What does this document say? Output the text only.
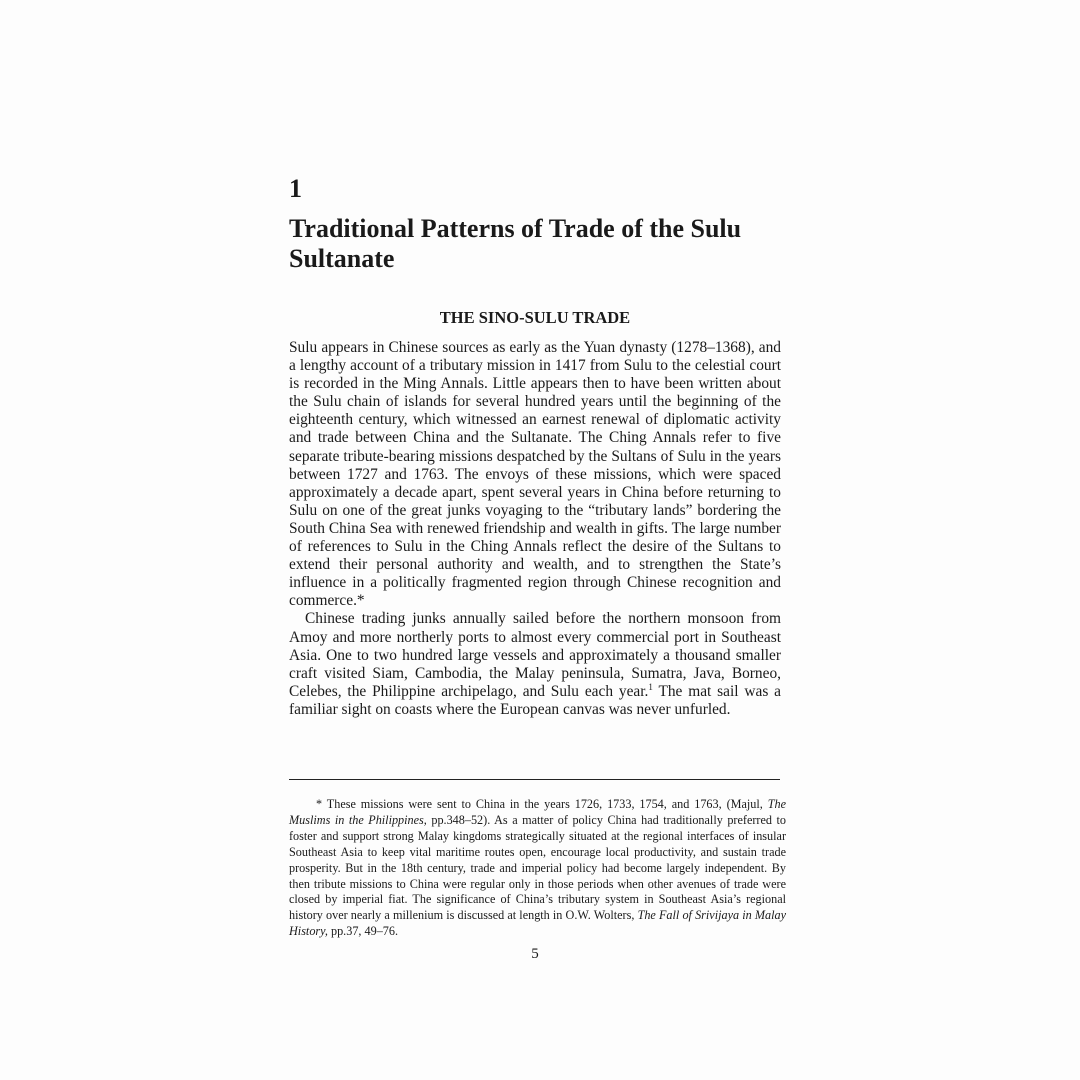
1
Traditional Patterns of Trade of the Sulu Sultanate
THE SINO-SULU TRADE

Sulu appears in Chinese sources as early as the Yuan dynasty (1278–1368), and a lengthy account of a tributary mission in 1417 from Sulu to the celestial court is recorded in the Ming Annals. Little appears then to have been written about the Sulu chain of islands for several hundred years until the beginning of the eighteenth century, which witnessed an earnest renewal of diplomatic activity and trade between China and the Sultanate. The Ching Annals refer to five separate tribute-bearing missions despatched by the Sultans of Sulu in the years between 1727 and 1763. The envoys of these missions, which were spaced approximately a decade apart, spent several years in China before returning to Sulu on one of the great junks voyaging to the “tributary lands” bordering the South China Sea with renewed friendship and wealth in gifts. The large number of references to Sulu in the Ching Annals reflect the desire of the Sultans to extend their personal authority and wealth, and to strengthen the State’s influence in a politically fragmented region through Chinese recognition and commerce.*

Chinese trading junks annually sailed before the northern monsoon from Amoy and more northerly ports to almost every commercial port in Southeast Asia. One to two hundred large vessels and approximately a thousand smaller craft visited Siam, Cambodia, the Malay peninsula, Sumatra, Java, Borneo, Celebes, the Philippine archipelago, and Sulu each year.$^1$ The mat sail was a familiar sight on coasts where the European canvas was never unfurled.

* These missions were sent to China in the years 1726, 1733, 1754, and 1763, (Majul, The Muslims in the Philippines, pp.348–52). As a matter of policy China had traditionally preferred to foster and support strong Malay kingdoms strategically situated at the regional interfaces of insular Southeast Asia to keep vital maritime routes open, encourage local productivity, and sustain trade prosperity. But in the 18th century, trade and imperial policy had become largely independent. By then tribute missions to China were regular only in those periods when other avenues of trade were closed by imperial fiat. The significance of China’s tributary system in Southeast Asia’s regional history over nearly a millenium is discussed at length in O.W. Wolters, The Fall of Srivijaya in Malay History, pp.37, 49–76.

5
